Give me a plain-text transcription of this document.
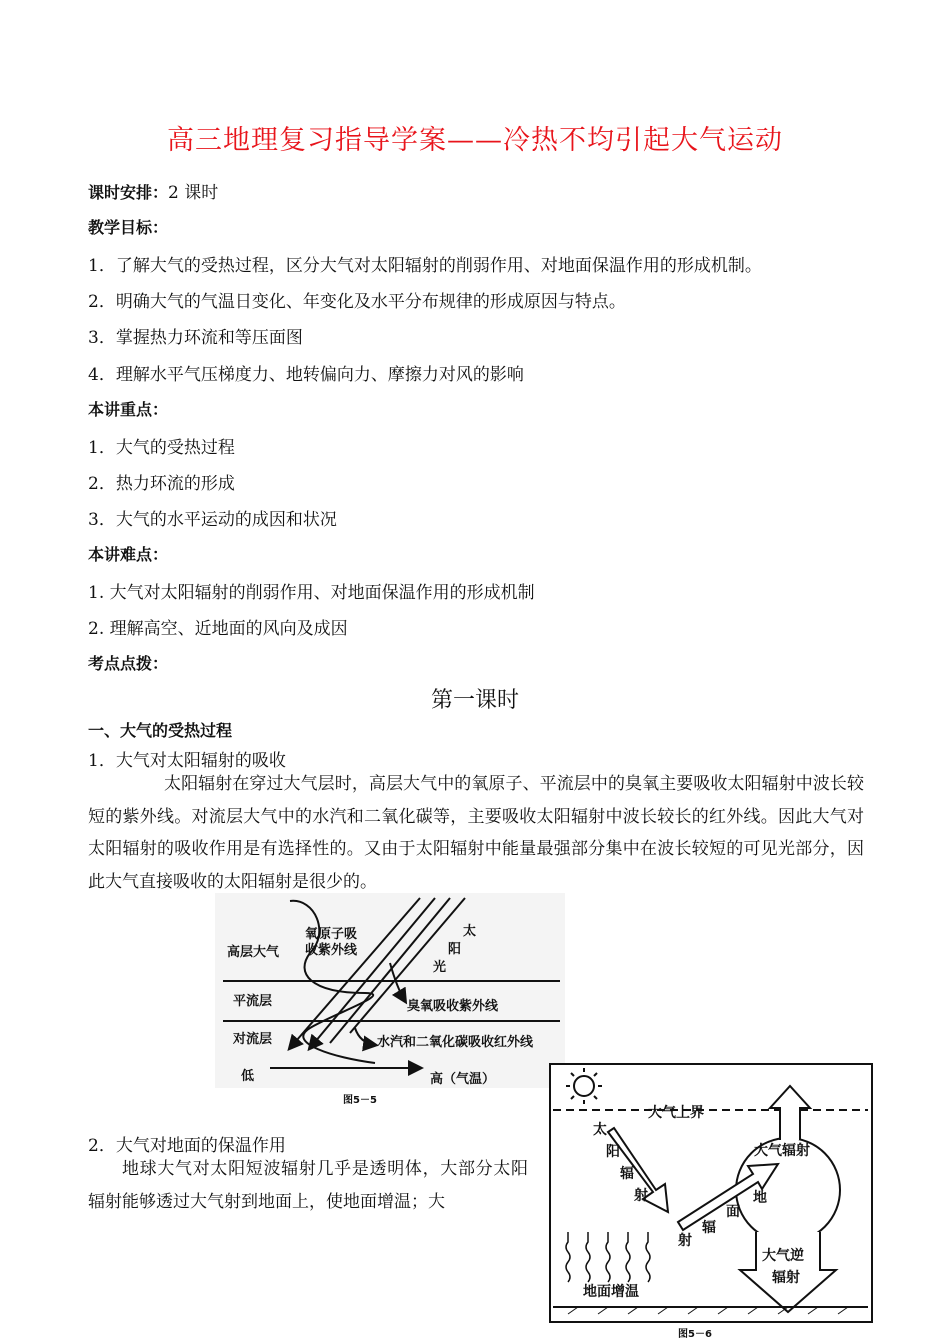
高三地理复习指导学案——冷热不均引起大气运动
课时安排：2 课时
教学目标：
1．了解大气的受热过程，区分大气对太阳辐射的削弱作用、对地面保温作用的形成机制。
2．明确大气的气温日变化、年变化及水平分布规律的形成原因与特点。
3．掌握热力环流和等压面图
4．理解水平气压梯度力、地转偏向力、摩擦力对风的影响
本讲重点：
1．大气的受热过程
2．热力环流的形成
3．大气的水平运动的成因和状况
本讲难点：
1. 大气对太阳辐射的削弱作用、对地面保温作用的形成机制
2. 理解高空、近地面的风向及成因
考点点拨：
第一课时
一、大气的受热过程
1．大气对太阳辐射的吸收
太阳辐射在穿过大气层时，高层大气中的氧原子、平流层中的臭氧主要吸收太阳辐射中波长较短的紫外线。对流层大气中的水汽和二氧化碳等，主要吸收太阳辐射中波长较长的红外线。因此大气对太阳辐射的吸收作用是有选择性的。又由于太阳辐射中能量最强部分集中在波长较短的可见光部分，因此大气直接吸收的太阳辐射是很少的。
高层大气
平流层
对流层
低	高（气温）
氧原子吸
收紫外线
太
阳
光
臭氧吸收紫外线
水汽和二氧化碳吸收红外线
图5－5
2．大气对地面的保温作用
地球大气对太阳短波辐射几乎是透明体，大部分太阳辐射能够透过大气射到地面上，使地面增温；大
大气上界
太
阳
辐
射
大气辐射
地
面
辐
射
大气逆
辐射
地面增温
图5－6
